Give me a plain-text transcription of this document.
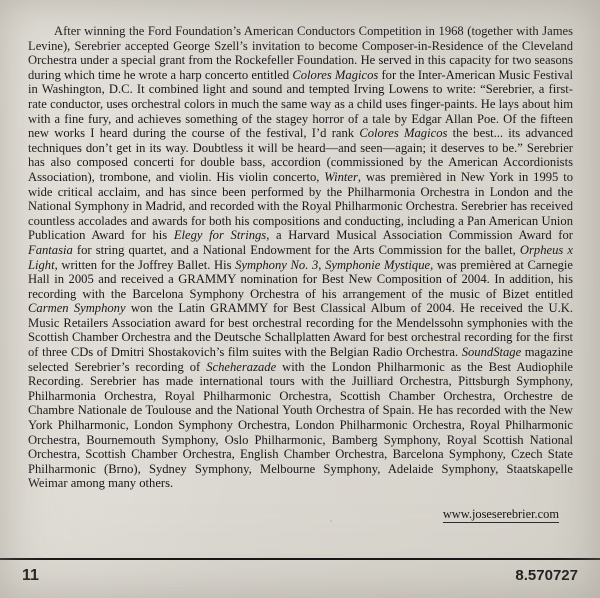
After winning the Ford Foundation’s American Conductors Competition in 1968 (together with James Levine), Serebrier accepted George Szell’s invitation to become Composer-in-Residence of the Cleveland Orchestra under a special grant from the Rockefeller Foundation. He served in this capacity for two seasons during which time he wrote a harp concerto entitled Colores Magicos for the Inter-American Music Festival in Washington, D.C. It combined light and sound and tempted Irving Lowens to write: “Serebrier, a first-rate conductor, uses orchestral colors in much the same way as a child uses finger-paints. He lays about him with a fine fury, and achieves something of the stagey horror of a tale by Edgar Allan Poe. Of the fifteen new works I heard during the course of the festival, I’d rank Colores Magicos the best... its advanced techniques don’t get in its way. Doubtless it will be heard—and seen—again; it deserves to be.” Serebrier has also composed concerti for double bass, accordion (commissioned by the American Accordionists Association), trombone, and violin. His violin concerto, Winter, was premièred in New York in 1995 to wide critical acclaim, and has since been performed by the Philharmonia Orchestra in London and the National Symphony in Madrid, and recorded with the Royal Philharmonic Orchestra. Serebrier has received countless accolades and awards for both his compositions and conducting, including a Pan American Union Publication Award for his Elegy for Strings, a Harvard Musical Association Commission Award for Fantasia for string quartet, and a National Endowment for the Arts Commission for the ballet, Orpheus x Light, written for the Joffrey Ballet. His Symphony No. 3, Symphonie Mystique, was premièred at Carnegie Hall in 2005 and received a GRAMMY nomination for Best New Composition of 2004. In addition, his recording with the Barcelona Symphony Orchestra of his arrangement of the music of Bizet entitled Carmen Symphony won the Latin GRAMMY for Best Classical Album of 2004. He received the U.K. Music Retailers Association award for best orchestral recording for the Mendelssohn symphonies with the Scottish Chamber Orchestra and the Deutsche Schallplatten Award for best orchestral recording for the first of three CDs of Dmitri Shostakovich’s film suites with the Belgian Radio Orchestra. SoundStage magazine selected Serebrier’s recording of Scheherazade with the London Philharmonic as the Best Audiophile Recording. Serebrier has made international tours with the Juilliard Orchestra, Pittsburgh Symphony, Philharmonia Orchestra, Royal Philharmonic Orchestra, Scottish Chamber Orchestra, Orchestre de Chambre Nationale de Toulouse and the National Youth Orchestra of Spain. He has recorded with the New York Philharmonic, London Symphony Orchestra, London Philharmonic Orchestra, Royal Philharmonic Orchestra, Bournemouth Symphony, Oslo Philharmonic, Bamberg Symphony, Royal Scottish National Orchestra, Scottish Chamber Orchestra, English Chamber Orchestra, Barcelona Symphony, Czech State Philharmonic (Brno), Sydney Symphony, Melbourne Symphony, Adelaide Symphony, Staatskapelle Weimar among many others.
www.joseserebrier.com
11	8.570727
